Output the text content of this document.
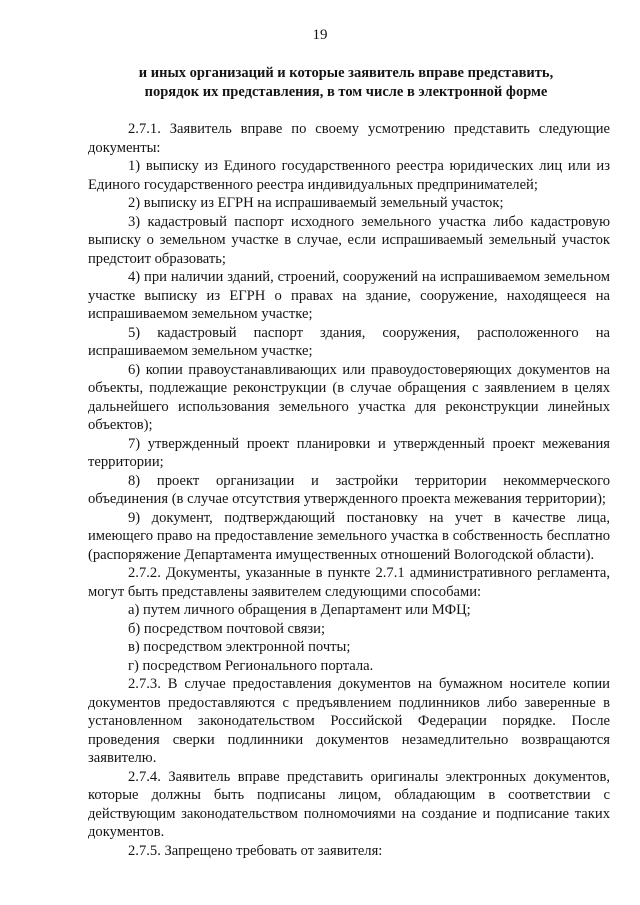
19
и иных организаций и которые заявитель вправе представить,
порядок их представления, в том числе в электронной форме

2.7.1. Заявитель вправе по своему усмотрению представить следующие документы:

1) выписку из Единого государственного реестра юридических лиц или из Единого государственного реестра индивидуальных предпринимателей;

2) выписку из ЕГРН на испрашиваемый земельный участок;

3) кадастровый паспорт исходного земельного участка либо кадастровую выписку о земельном участке в случае, если испрашиваемый земельный участок предстоит образовать;

4) при наличии зданий, строений, сооружений на испрашиваемом земельном участке выписку из ЕГРН о правах на здание, сооружение, находящееся на испрашиваемом земельном участке;

5) кадастровый паспорт здания, сооружения, расположенного на испрашиваемом земельном участке;

6) копии правоустанавливающих или правоудостоверяющих документов на объекты, подлежащие реконструкции (в случае обращения с заявлением в целях дальнейшего использования земельного участка для реконструкции линейных объектов);

7) утвержденный проект планировки и утвержденный проект межевания территории;

8) проект организации и застройки территории некоммерческого объединения (в случае отсутствия утвержденного проекта межевания территории);

9) документ, подтверждающий постановку на учет в качестве лица, имеющего право на предоставление земельного участка в собственность бесплатно (распоряжение Департамента имущественных отношений Вологодской области).

2.7.2. Документы, указанные в пункте 2.7.1 административного регламента, могут быть представлены заявителем следующими способами:

а) путем личного обращения в Департамент или МФЦ;

б) посредством почтовой связи;

в) посредством электронной почты;

г) посредством Регионального портала.

2.7.3. В случае предоставления документов на бумажном носителе копии документов предоставляются с предъявлением подлинников либо заверенные в установленном законодательством Российской Федерации порядке. После проведения сверки подлинники документов незамедлительно возвращаются заявителю.

2.7.4. Заявитель вправе представить оригиналы электронных документов, которые должны быть подписаны лицом, обладающим в соответствии с действующим законодательством полномочиями на создание и подписание таких документов.

2.7.5. Запрещено требовать от заявителя:
